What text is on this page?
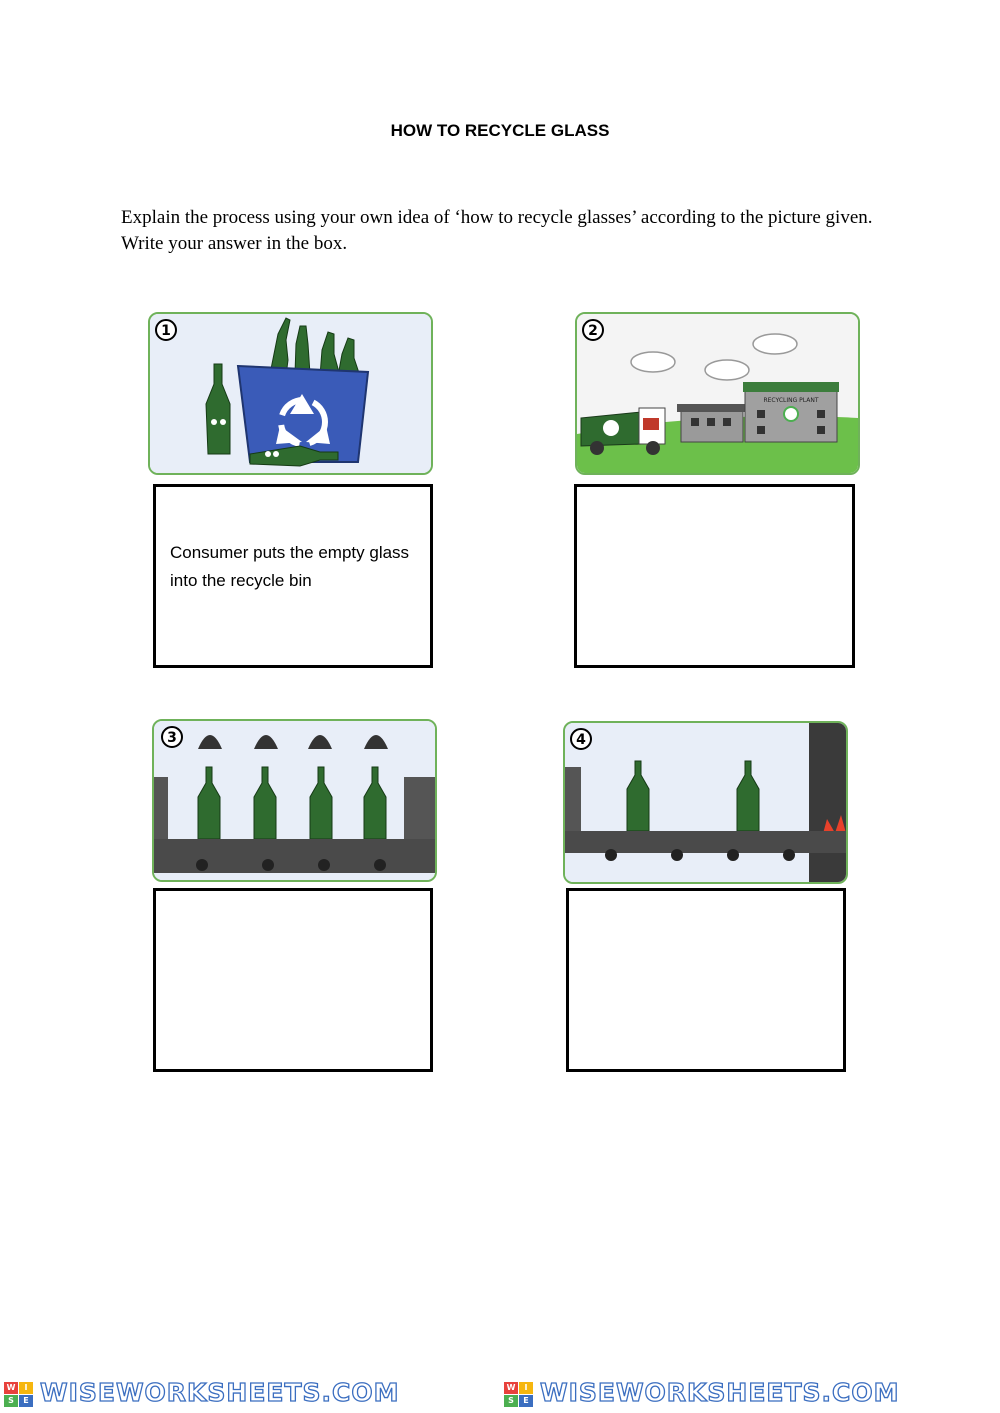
HOW TO RECYCLE GLASS
Explain the process using your own idea of ‘how to recycle glasses’ according to the picture given. Write your answer in the box.
1	2
RECYCLING PLANT
3	4
Consumer puts the empty glass into the recycle bin
W	I
S	E WISEWORKSHEETS.COM	W	I
S	E WISEWORKSHEETS.COM
